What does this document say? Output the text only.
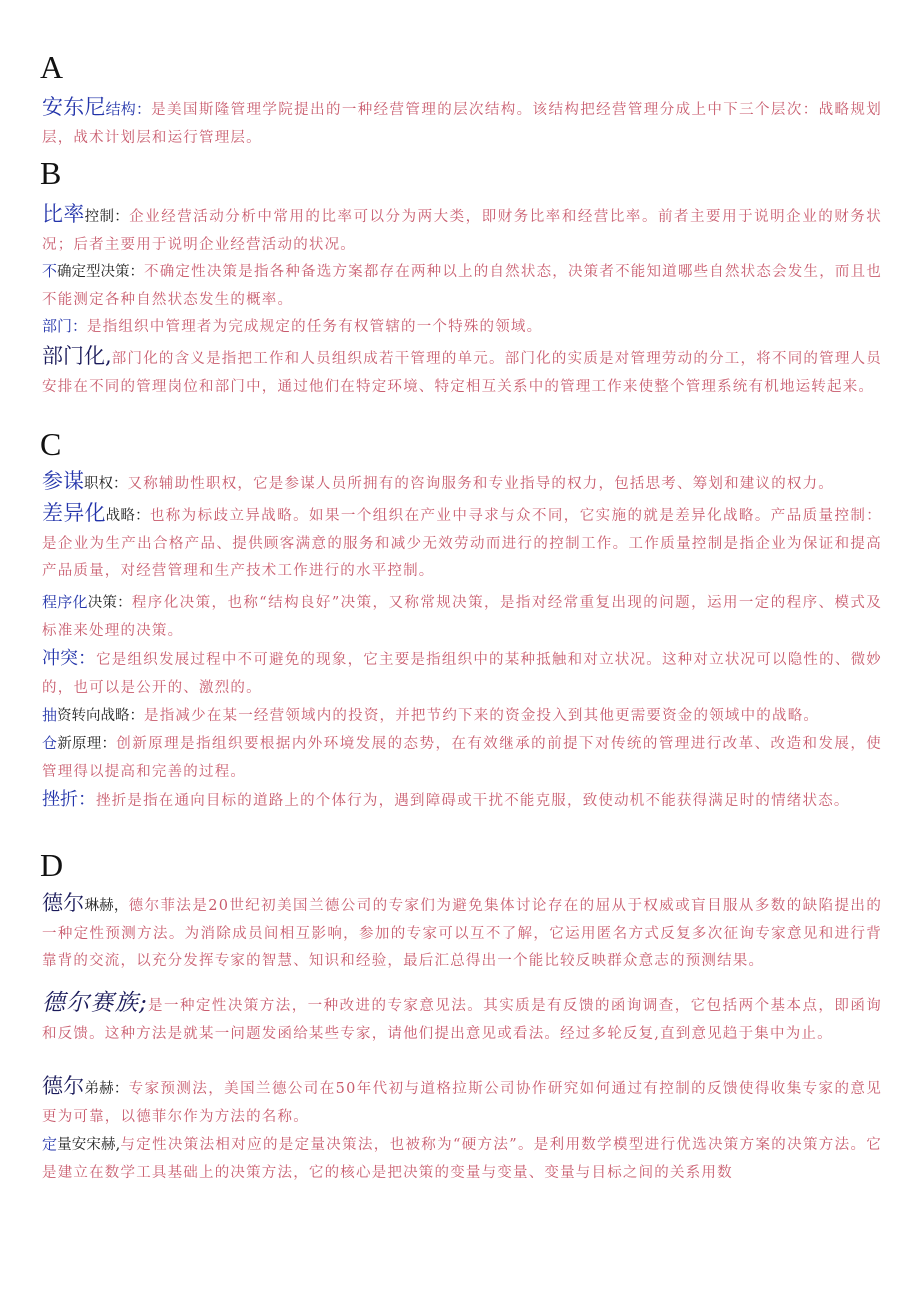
A
安东尼结构：是美国斯隆管理学院提出的一种经营管理的层次结构。该结构把经营管理分成上中下三个层次：战略规划层，战术计划层和运行管理层。
B
比率控制：企业经营活动分析中常用的比率可以分为两大类，即财务比率和经营比率。前者主要用于说明企业的财务状况；后者主要用于说明企业经营活动的状况。
不确定型决策：不确定性决策是指各种备选方案都存在两种以上的自然状态，决策者不能知道哪些自然状态会发生，而且也不能测定各种自然状态发生的概率。
部门：是指组织中管理者为完成规定的任务有权管辖的一个特殊的领域。
部门化,部门化的含义是指把工作和人员组织成若干管理的单元。部门化的实质是对管理劳动的分工，将不同的管理人员安排在不同的管理岗位和部门中，通过他们在特定环境、特定相互关系中的管理工作来使整个管理系统有机地运转起来。
C
参谋职权：又称辅助性职权，它是参谋人员所拥有的咨询服务和专业指导的权力，包括思考、筹划和建议的权力。
差异化战略：也称为标歧立异战略。如果一个组织在产业中寻求与众不同，它实施的就是差异化战略。产品质量控制：是企业为生产出合格产品、提供顾客满意的服务和减少无效劳动而进行的控制工作。工作质量控制是指企业为保证和提高产品质量，对经营管理和生产技术工作进行的水平控制。
程序化决策：程序化决策，也称“结构良好”决策，又称常规决策，是指对经常重复出现的问题，运用一定的程序、模式及标准来处理的决策。
冲突：它是组织发展过程中不可避免的现象，它主要是指组织中的某种抵触和对立状况。这种对立状况可以隐性的、微妙的，也可以是公开的、激烈的。
抽资转向战略：是指减少在某一经营领域内的投资，并把节约下来的资金投入到其他更需要资金的领域中的战略。
仓新原理：创新原理是指组织要根据内外环境发展的态势，在有效继承的前提下对传统的管理进行改革、改造和发展，使管理得以提高和完善的过程。
挫折：挫折是指在通向目标的道路上的个体行为，遇到障碍或干扰不能克服，致使动机不能获得满足时的情绪状态。
D
德尔琳赫，德尔菲法是20世纪初美国兰德公司的专家们为避免集体讨论存在的屈从于权威或盲目服从多数的缺陷提出的一种定性预测方法。为消除成员间相互影响，参加的专家可以互不了解，它运用匿名方式反复多次征询专家意见和进行背靠背的交流，以充分发挥专家的智慧、知识和经验，最后汇总得出一个能比较反映群众意志的预测结果。
德尔赛族;是一种定性决策方法，一种改进的专家意见法。其实质是有反馈的函询调查，它包括两个基本点，即函询和反馈。这种方法是就某一问题发函给某些专家，请他们提出意见或看法。经过多轮反复,直到意见趋于集中为止。
德尔弟赫：专家预测法，美国兰德公司在50年代初与道格拉斯公司协作研究如何通过有控制的反馈使得收集专家的意见更为可靠，以德菲尔作为方法的名称。
定量安宋赫,与定性决策法相对应的是定量决策法，也被称为“硬方法”。是利用数学模型进行优选决策方案的决策方法。它是建立在数学工具基础上的决策方法，它的核心是把决策的变量与变量、变量与目标之间的关系用数
